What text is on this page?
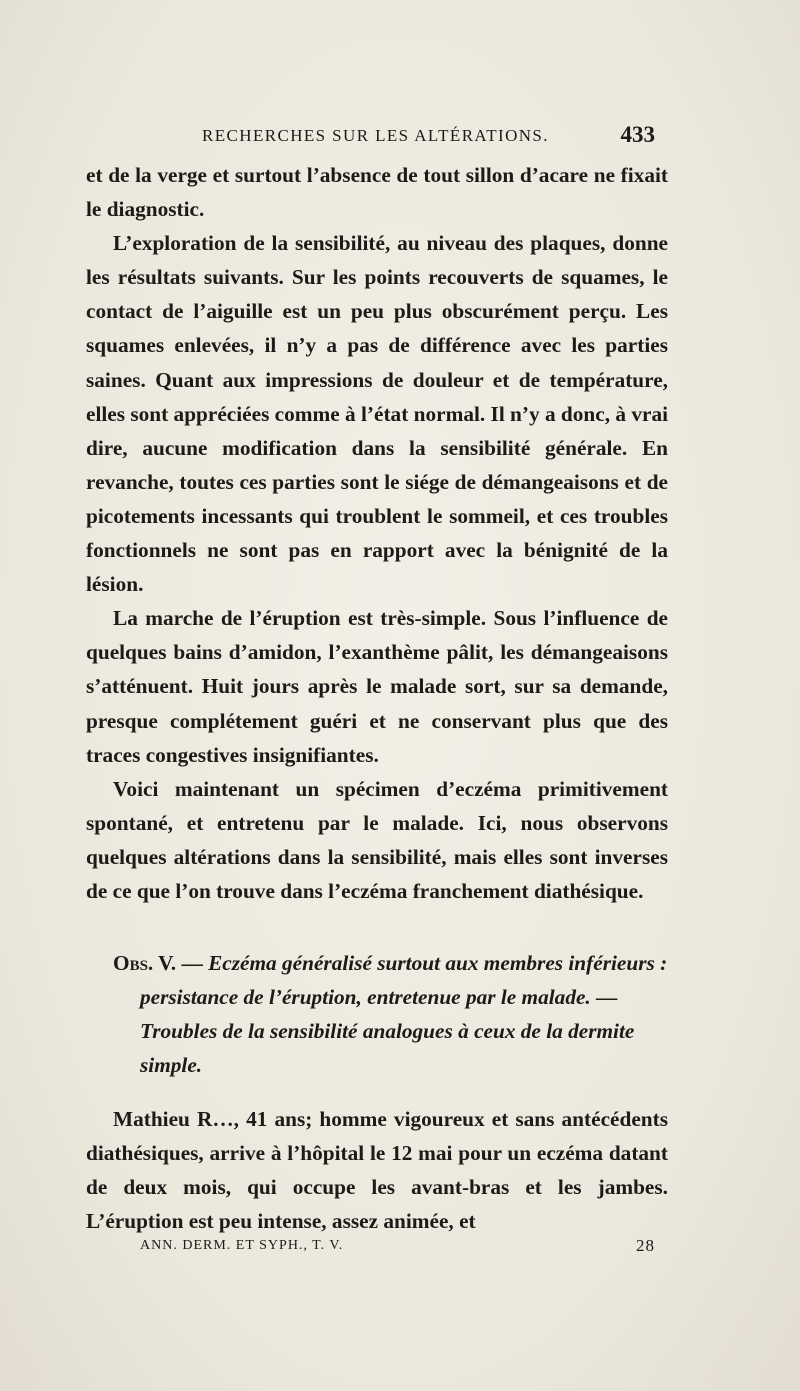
RECHERCHES SUR LES ALTÉRATIONS.	433

et de la verge et surtout l’absence de tout sillon d’acare ne fixait le diagnostic.

L’exploration de la sensibilité, au niveau des plaques, donne les résultats suivants. Sur les points recouverts de squames, le contact de l’aiguille est un peu plus obscurément perçu. Les squames enlevées, il n’y a pas de différence avec les parties saines. Quant aux impressions de douleur et de température, elles sont appréciées comme à l’état normal. Il n’y a donc, à vrai dire, aucune modification dans la sensibilité générale. En revanche, toutes ces parties sont le siége de démangeaisons et de picotements incessants qui troublent le sommeil, et ces troubles fonctionnels ne sont pas en rapport avec la bénignité de la lésion.

La marche de l’éruption est très-simple. Sous l’influence de quelques bains d’amidon, l’exanthème pâlit, les démangeaisons s’atténuent. Huit jours après le malade sort, sur sa demande, presque complétement guéri et ne conservant plus que des traces congestives insignifiantes.

Voici maintenant un spécimen d’eczéma primitivement spontané, et entretenu par le malade. Ici, nous observons quelques altérations dans la sensibilité, mais elles sont inverses de ce que l’on trouve dans l’eczéma franchement diathésique.

Obs. V. — Eczéma généralisé surtout aux membres inférieurs : persistance de l’éruption, entretenue par le malade. — Troubles de la sensibilité analogues à ceux de la dermite simple.

Mathieu R…, 41 ans; homme vigoureux et sans antécédents diathésiques, arrive à l’hôpital le 12 mai pour un eczéma datant de deux mois, qui occupe les avant-bras et les jambes. L’éruption est peu intense, assez animée, et

ANN. DERM. ET SYPH., T. V.	28
